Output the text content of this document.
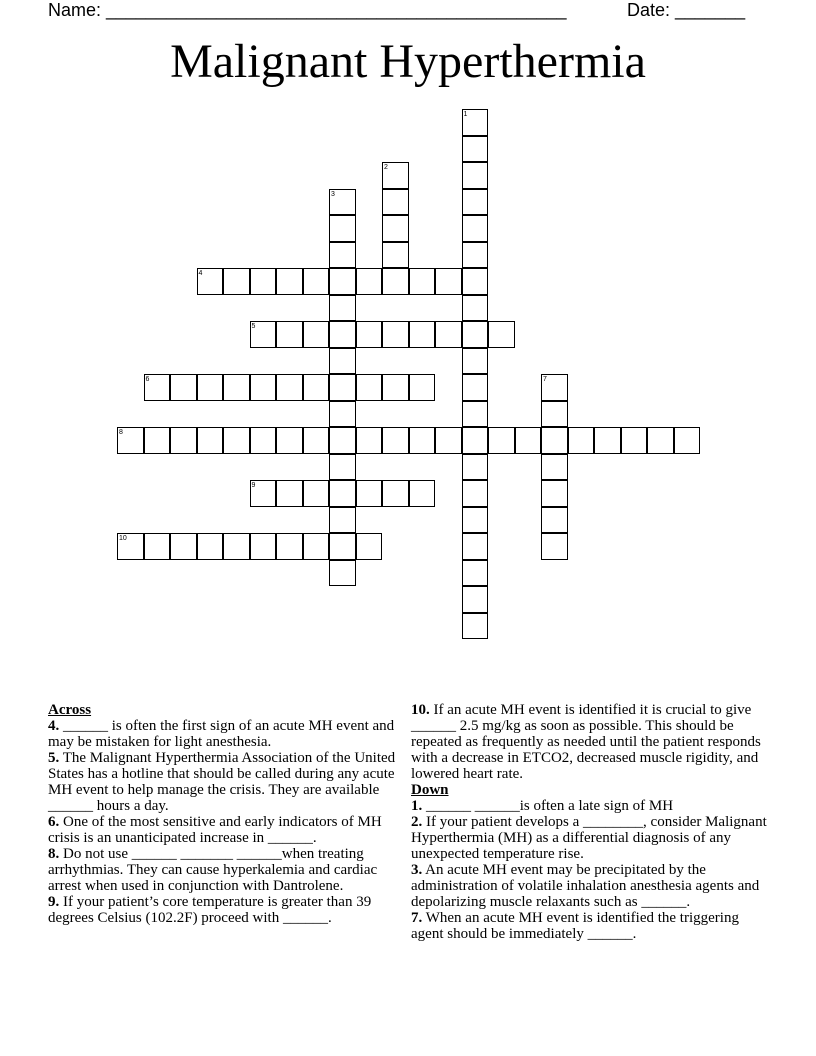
Name: ______________________________________________	Date: _______
Malignant Hyperthermia
1
2
3
4
5
6	7
8
9
10
Across
4. ______ is often the first sign of an acute MH event and may be mistaken for light anesthesia.
5. The Malignant Hyperthermia Association of the United States has a hotline that should be called during any acute MH event to help manage the crisis. They are available ______ hours a day.
6. One of the most sensitive and early indicators of MH crisis is an unanticipated increase in ______.
8. Do not use ______ _______ ______when treating arrhythmias. They can cause hyperkalemia and cardiac arrest when used in conjunction with Dantrolene.
9. If your patient’s core temperature is greater than 39 degrees Celsius (102.2F) proceed with ______.
10. If an acute MH event is identified it is crucial to give ______ 2.5 mg/kg as soon as possible. This should be repeated as frequently as needed until the patient responds with a decrease in ETCO2, decreased muscle rigidity, and lowered heart rate.
Down
1. ______ ______is often a late sign of MH
2. If your patient develops a ________, consider Malignant Hyperthermia (MH) as a differential diagnosis of any unexpected temperature rise.
3. An acute MH event may be precipitated by the administration of volatile inhalation anesthesia agents and depolarizing muscle relaxants such as ______.
7. When an acute MH event is identified the triggering agent should be immediately ______.
